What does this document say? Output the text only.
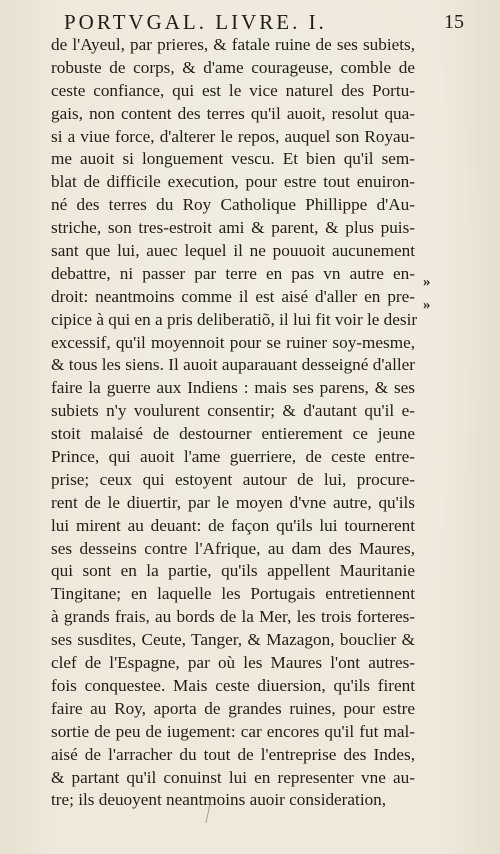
PORTVGAL. LIVRE. I.	15
de l'Ayeul, par prieres, & fatale ruine de ses subiets,
robuste de corps, & d'ame courageuse, comble de
ceste confiance, qui est le vice naturel des Portu-
gais, non content des terres qu'il auoit, resolut qua-
si a viue force, d'alterer le repos, auquel son Royau-
me auoit si longuement vescu. Et bien qu'il sem-
blat de difficile execution, pour estre tout enuiron-
né des terres du Roy Catholique Phillippe d'Au-
striche, son tres-estroit ami & parent, & plus puis-
sant que lui, auec lequel il ne pouuoit aucunement
debattre, ni passer par terre en pas vn autre en-
droit: neantmoins comme il est aisé d'aller en pre-
cipice à qui en a pris deliberatiõ, il lui fit voir le desir
excessif, qu'il moyennoit pour se ruiner soy-mesme,
& tous les siens. Il auoit auparauant desseigné d'aller
faire la guerre aux Indiens : mais ses parens, & ses
subiets n'y voulurent consentir; & d'autant qu'il e-
stoit malaisé de destourner entierement ce jeune
Prince, qui auoit l'ame guerriere, de ceste entre-
prise; ceux qui estoyent autour de lui, procure-
rent de le diuertir, par le moyen d'vne autre, qu'ils
lui mirent au deuant: de façon qu'ils lui tournerent
ses desseins contre l'Afrique, au dam des Maures,
qui sont en la partie, qu'ils appellent Mauritanie
Tingitane; en laquelle les Portugais entretiennent
à grands frais, au bords de la Mer, les trois forteres-
ses susdites, Ceute, Tanger, & Mazagon, bouclier &
clef de l'Espagne, par où les Maures l'ont autres-
fois conquestee. Mais ceste diuersion, qu'ils firent
faire au Roy, aporta de grandes ruines, pour estre
sortie de peu de iugement: car encores qu'il fut mal-
aisé de l'arracher du tout de l'entreprise des Indes,
& partant qu'il conuinst lui en representer vne au-
tre; ils deuoyent neantmoins auoir consideration,
»
»
